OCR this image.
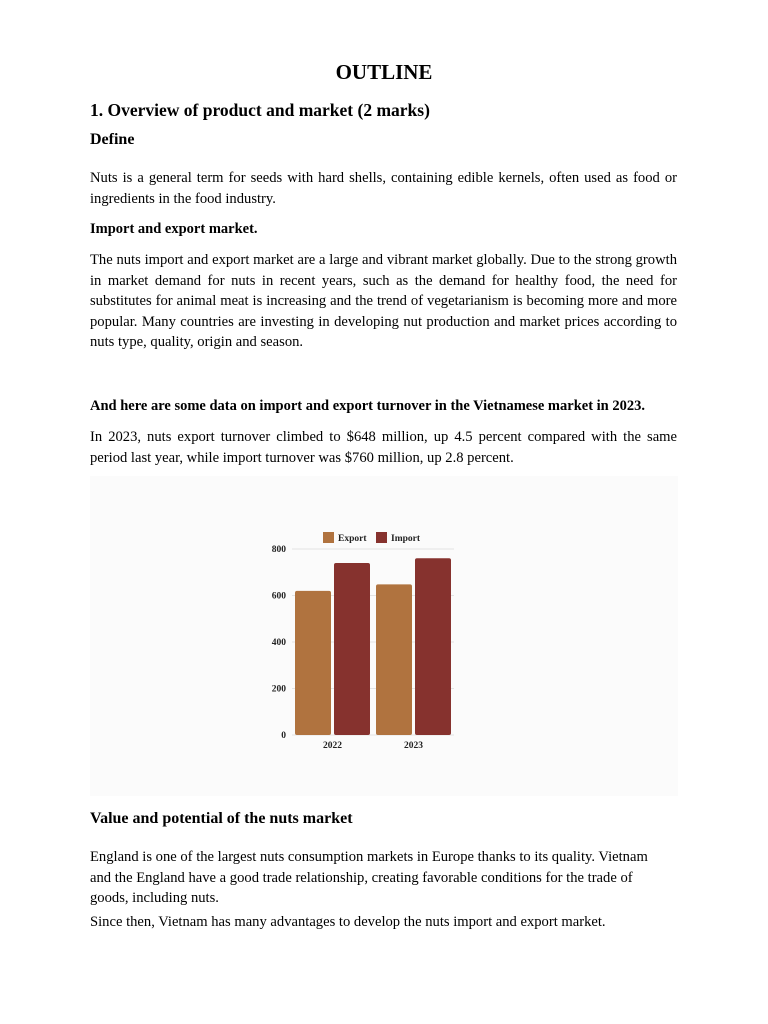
OUTLINE
1. Overview of product and market (2 marks)
Define
Nuts is a general term for seeds with hard shells, containing edible kernels, often used as food or ingredients in the food industry.
Import and export market.
The nuts import and export market are a large and vibrant market globally. Due to the strong growth in market demand for nuts in recent years, such as the demand for healthy food, the need for substitutes for animal meat is increasing and the trend of vegetarianism is becoming more and more popular. Many countries are investing in developing nut production and market prices according to nuts type, quality, origin and season.
And here are some data on import and export turnover in the Vietnamese market in 2023.
In 2023, nuts export turnover climbed to $648 million, up 4.5 percent compared with the same period last year, while import turnover was $760 million, up 2.8 percent.
0
200
400
600
800
2022	2023
Export	Import
Value and potential of the nuts market
England is one of the largest nuts consumption markets in Europe thanks to its quality. Vietnam and the England have a good trade relationship, creating favorable conditions for the trade of goods, including nuts.
Since then, Vietnam has many advantages to develop the nuts import and export market.
